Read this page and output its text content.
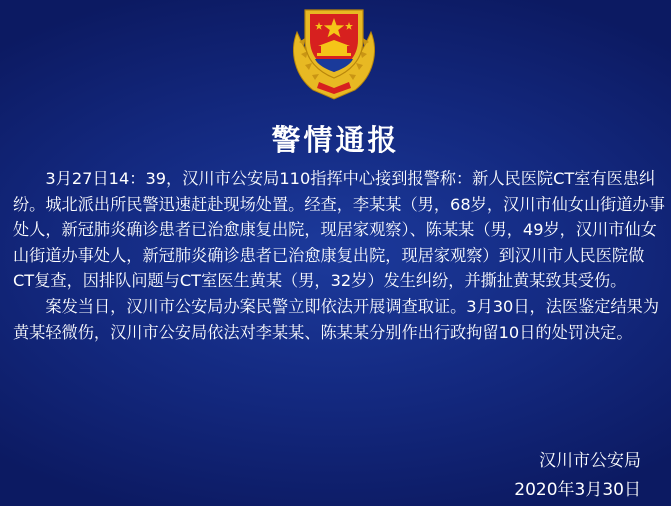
警情通报

3月27日14：39，汉川市公安局110指挥中心接到报警称：新人民医院CT室有医患纠纷。城北派出所民警迅速赶赴现场处置。经查，李某某（男，68岁，汉川市仙女山街道办事处人，新冠肺炎确诊患者已治愈康复出院，现居家观察）、陈某某（男，49岁，汉川市仙女山街道办事处人，新冠肺炎确诊患者已治愈康复出院，现居家观察）到汉川市人民医院做CT复查，因排队问题与CT室医生黄某（男，32岁）发生纠纷，并撕扯黄某致其受伤。

案发当日，汉川市公安局办案民警立即依法开展调查取证。3月30日，法医鉴定结果为黄某轻微伤，汉川市公安局依法对李某某、陈某某分别作出行政拘留10日的处罚决定。

汉川市公安局
2020年3月30日
